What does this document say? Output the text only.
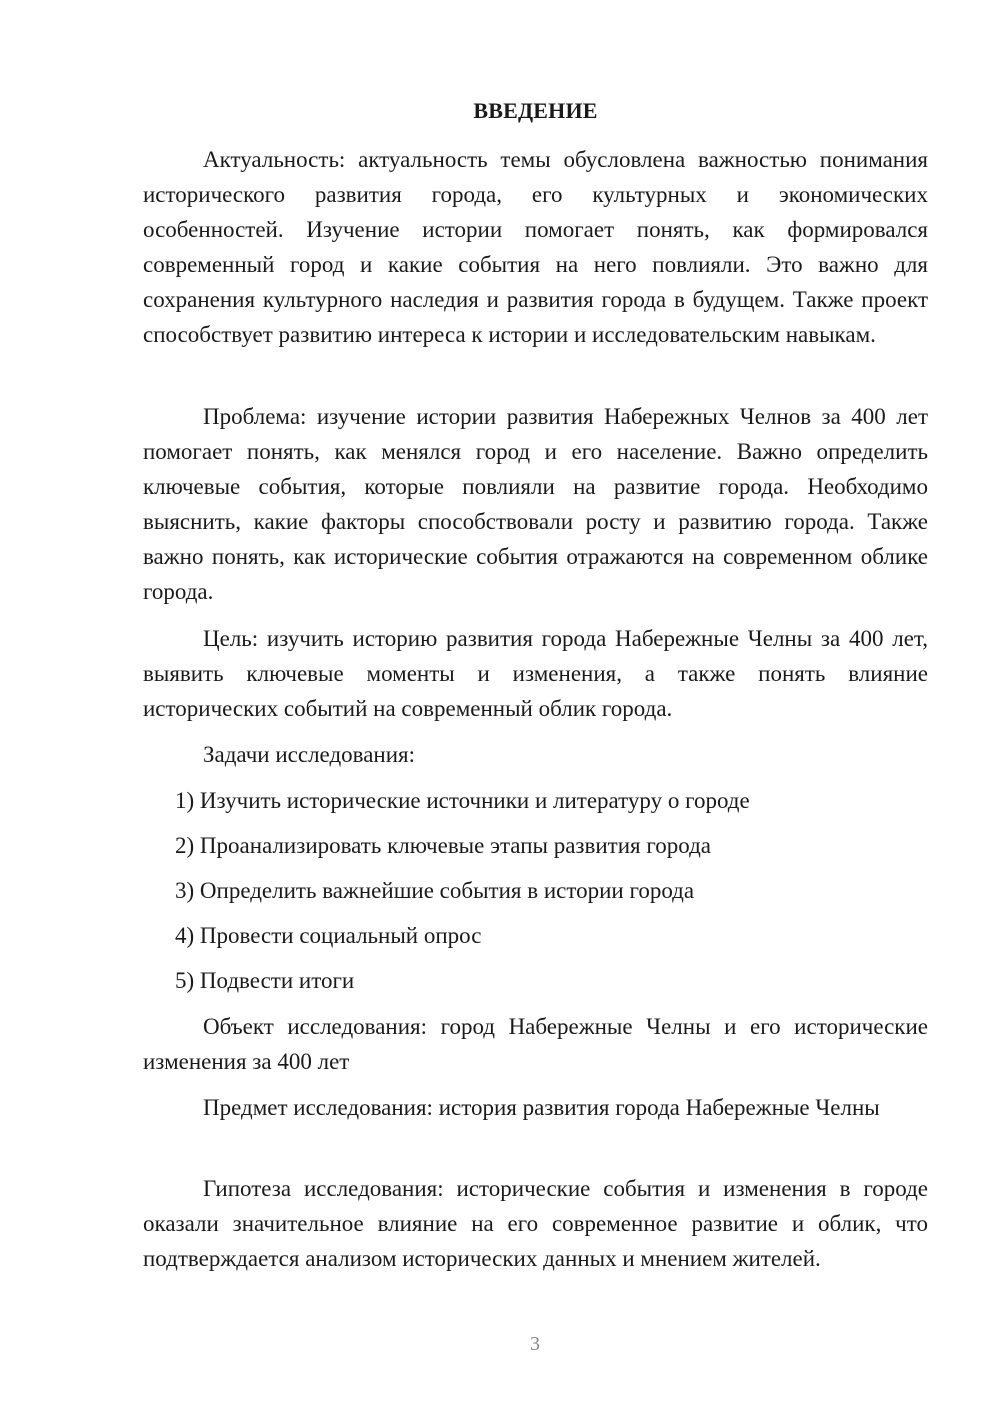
ВВЕДЕНИЕ

Актуальность: актуальность темы обусловлена важностью понимания исторического развития города, его культурных и экономических особенностей. Изучение истории помогает понять, как формировался современный город и какие события на него повлияли. Это важно для сохранения культурного наследия и развития города в будущем. Также проект способствует развитию интереса к истории и исследовательским навыкам.

Проблема: изучение истории развития Набережных Челнов за 400 лет помогает понять, как менялся город и его население. Важно определить ключевые события, которые повлияли на развитие города. Необходимо выяснить, какие факторы способствовали росту и развитию города. Также важно понять, как исторические события отражаются на современном облике города.

Цель: изучить историю развития города Набережные Челны за 400 лет, выявить ключевые моменты и изменения, а также понять влияние исторических событий на современный облик города.

Задачи исследования:

1) Изучить исторические источники и литературу о городе

2) Проанализировать ключевые этапы развития города

3) Определить важнейшие события в истории города

4) Провести социальный опрос

5) Подвести итоги

Объект исследования: город Набережные Челны и его исторические изменения за 400 лет

Предмет исследования: история развития города Набережные Челны

Гипотеза исследования: исторические события и изменения в городе оказали значительное влияние на его современное развитие и облик, что подтверждается анализом исторических данных и мнением жителей.

3
